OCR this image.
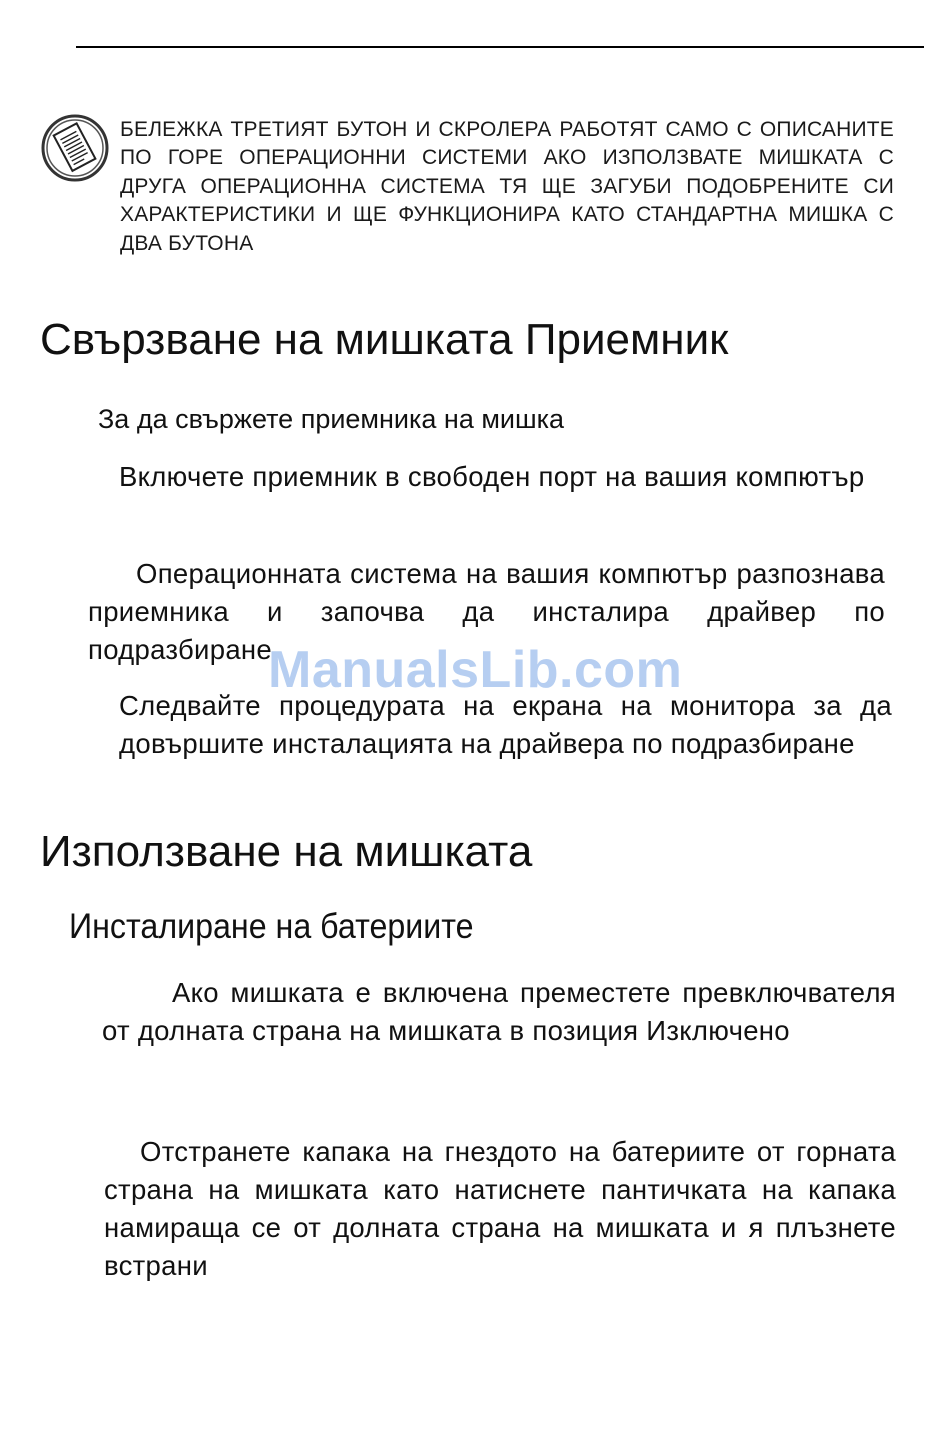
БЕЛЕЖКА ТРЕТИЯТ БУТОН И СКРОЛЕРА РАБОТЯТ САМО С ОПИСАНИТЕ ПО ГОРЕ ОПЕРАЦИОННИ СИСТЕМИ АКО ИЗПОЛЗВАТЕ МИШКАТА С ДРУГА ОПЕРАЦИОННА СИСТЕМА ТЯ ЩЕ ЗАГУБИ ПОДОБРЕНИТЕ СИ ХАРАКТЕРИСТИКИ И ЩЕ ФУНКЦИОНИРА КАТО СТАНДАРТНА МИШКА С ДВА БУТОНА
Свързване на мишката Приемник
За да свържете приемника на мишка

Включете приемник в свободен порт на вашия компютър

Операционната система на вашия компютър разпознава приемника и започва да инсталира драйвер по подразбиране

Следвайте процедурата на екрана на монитора за да довършите инсталацията на драйвера по подразбиране

Използване на мишката
Инсталиране на батериите

Ако мишката е включена преместете превключвателя от долната страна на мишката в позиция Изключено

Отстранете капака на гнездото на батериите от горната страна на мишката като натиснете пантичката на капака намираща се от долната страна на мишката и я плъзнете встрани

ManualsLib.com
